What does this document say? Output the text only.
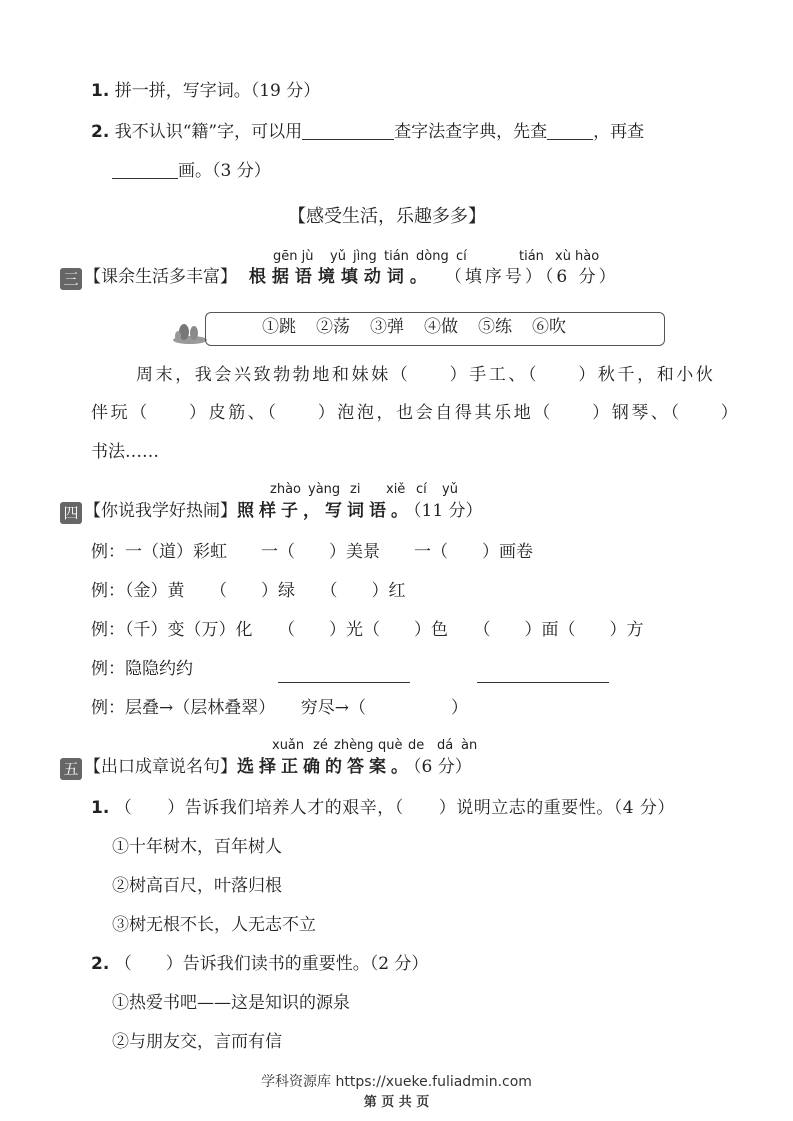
1. 拼一拼，写字词。（19 分）
2. 我不认识“籍”字，可以用	查字法查字典，先查	，再查
画。（3 分）
【感受生活，乐趣多多】
gēn jù yǔ jìng tián dòng cí	tián xù hào
三 【课余生活多丰富】 根据语境填动词。 （填序号）（6 分）
①跳 ②荡 ③弹 ④做 ⑤练 ⑥吹
周末，我会兴致勃勃地和妹妹（　　）手工、（　　）秋千，和小伙
伴玩（　　）皮筋、（　　）泡泡，也会自得其乐地（　　）钢琴、（　　）
书法……
zhào yàng zi xiě cí yǔ
四 【你说我学好热闹】照样子，写词语。（11 分）
例：一（道）彩虹　　一（　　）美景　　一（　　）画卷
例：（金）黄　　（　　）绿　　（　　）红
例：（千）变（万）化　　（　　）光（　　）色　　（　　）面（　　）方
例：隐隐约约
例：层叠→（层林叠翠）　　穷尽→（　　　　　）
xuǎn zé zhèng què de dá àn
五 【出口成章说名句】选择正确的答案。（6 分）
1. （　　）告诉我们培养人才的艰辛，（　　）说明立志的重要性。（4 分）
①十年树木，百年树人
②树高百尺，叶落归根
③树无根不长，人无志不立
2. （　　）告诉我们读书的重要性。（2 分）
①热爱书吧——这是知识的源泉
②与朋友交，言而有信
学科资源库 https://xueke.fuliadmin.com
第 页 共 页
